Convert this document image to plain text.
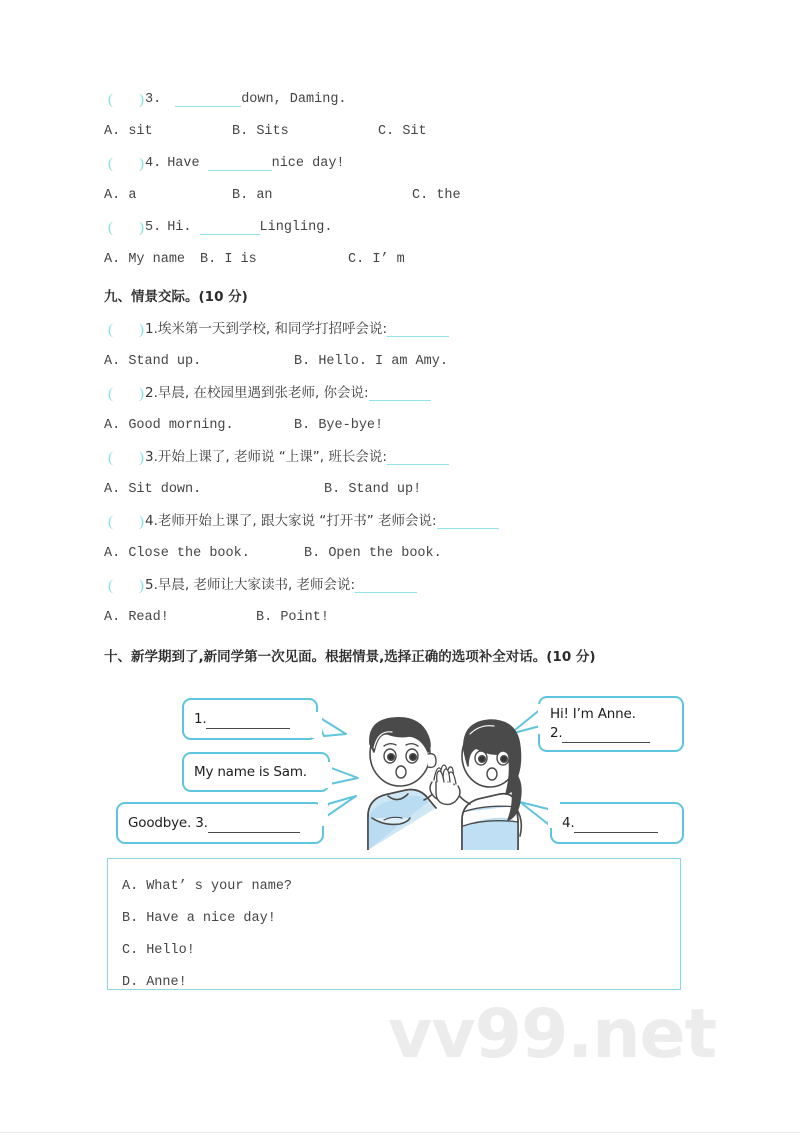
( ) 3.	down, Daming.
A. sit	B. Sits	C. Sit
( ) 4. Have	nice day!
A. a	B. an	C. the
( ) 5. Hi.	Lingling.
A. My name	B. I is	C. I’ m
九、情景交际。(10 分)
( ) 1. 埃米第一天到学校, 和同学打招呼会说:
A. Stand up.	B. Hello. I am Amy.
( ) 2. 早晨, 在校园里遇到张老师, 你会说:
A. Good morning.	B. Bye-bye!
( ) 3. 开始上课了, 老师说 “上课”, 班长会说:
A. Sit down.	B. Stand up!
( ) 4. 老师开始上课了, 跟大家说 “打开书” 老师会说:
A. Close the book.	B. Open the book.
( ) 5. 早晨, 老师让大家读书, 老师会说:
A. Read!	B. Point!
十、新学期到了,新同学第一次见面。根据情景,选择正确的选项补全对话。(10 分)
1.
My name is Sam.
Goodbye. 3.
Hi! I’m Anne.
2.
4.
A. What’ s your name?
B. Have a nice day!
C. Hello!
D. Anne!
vv99.net
